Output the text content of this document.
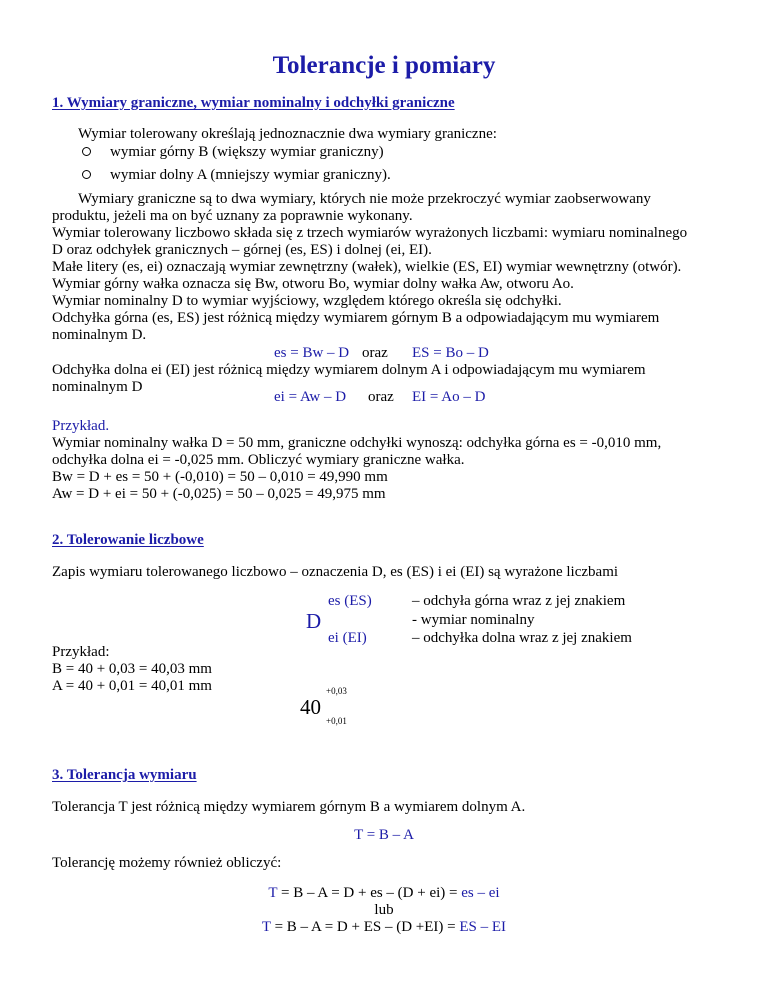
Tolerancje i pomiary
1. Wymiary graniczne, wymiar nominalny i odchyłki graniczne
Wymiar tolerowany określają jednoznacznie dwa wymiary graniczne:
wymiar górny B (większy wymiar graniczny)
wymiar dolny A (mniejszy wymiar graniczny).
Wymiary graniczne są to dwa wymiary, których nie może przekroczyć wymiar zaobserwowany
produktu, jeżeli ma on być uznany za poprawnie wykonany.
Wymiar tolerowany liczbowo składa się z trzech wymiarów wyrażonych liczbami: wymiaru nominalnego
D oraz odchyłek granicznych – górnej (es, ES) i dolnej (ei, EI).
Małe litery (es, ei) oznaczają wymiar zewnętrzny (wałek), wielkie (ES, EI) wymiar wewnętrzny (otwór).
Wymiar górny wałka oznacza się Bw, otworu Bo, wymiar dolny wałka Aw, otworu Ao.
Wymiar nominalny D to wymiar wyjściowy, względem którego określa się odchyłki.
Odchyłka górna (es, ES) jest różnicą między wymiarem górnym B a odpowiadającym mu wymiarem
nominalnym D.
es = Bw – D oraz ES = Bo – D
Odchyłka dolna ei (EI) jest różnicą między wymiarem dolnym A i odpowiadającym mu wymiarem
nominalnym D
ei = Aw – D oraz EI = Ao – D
Przykład.
Wymiar nominalny wałka D = 50 mm, graniczne odchyłki wynoszą: odchyłka górna es = -0,010 mm,
odchyłka dolna ei = -0,025 mm. Obliczyć wymiary graniczne wałka.
Bw = D + es = 50 + (-0,010) = 50 – 0,010 = 49,990 mm
Aw = D + ei = 50 + (-0,025) = 50 – 0,025 = 49,975 mm
2. Tolerowanie liczbowe
Zapis wymiaru tolerowanego liczbowo – oznaczenia D, es (ES) i ei (EI) są wyrażone liczbami
es (ES)
D
ei (EI)
– odchyła górna wraz z jej znakiem
- wymiar nominalny
– odchyłka dolna wraz z jej znakiem
Przykład:
B = 40 + 0,03 = 40,03 mm
A = 40 + 0,01 = 40,01 mm	+0,03
40
+0,01
3. Tolerancja wymiaru
Tolerancja T jest różnicą między wymiarem górnym B a wymiarem dolnym A.
T = B – A
Tolerancję możemy również obliczyć:
T = B – A = D + es – (D + ei) = es – ei
lub
T = B – A = D + ES – (D +EI) = ES – EI
